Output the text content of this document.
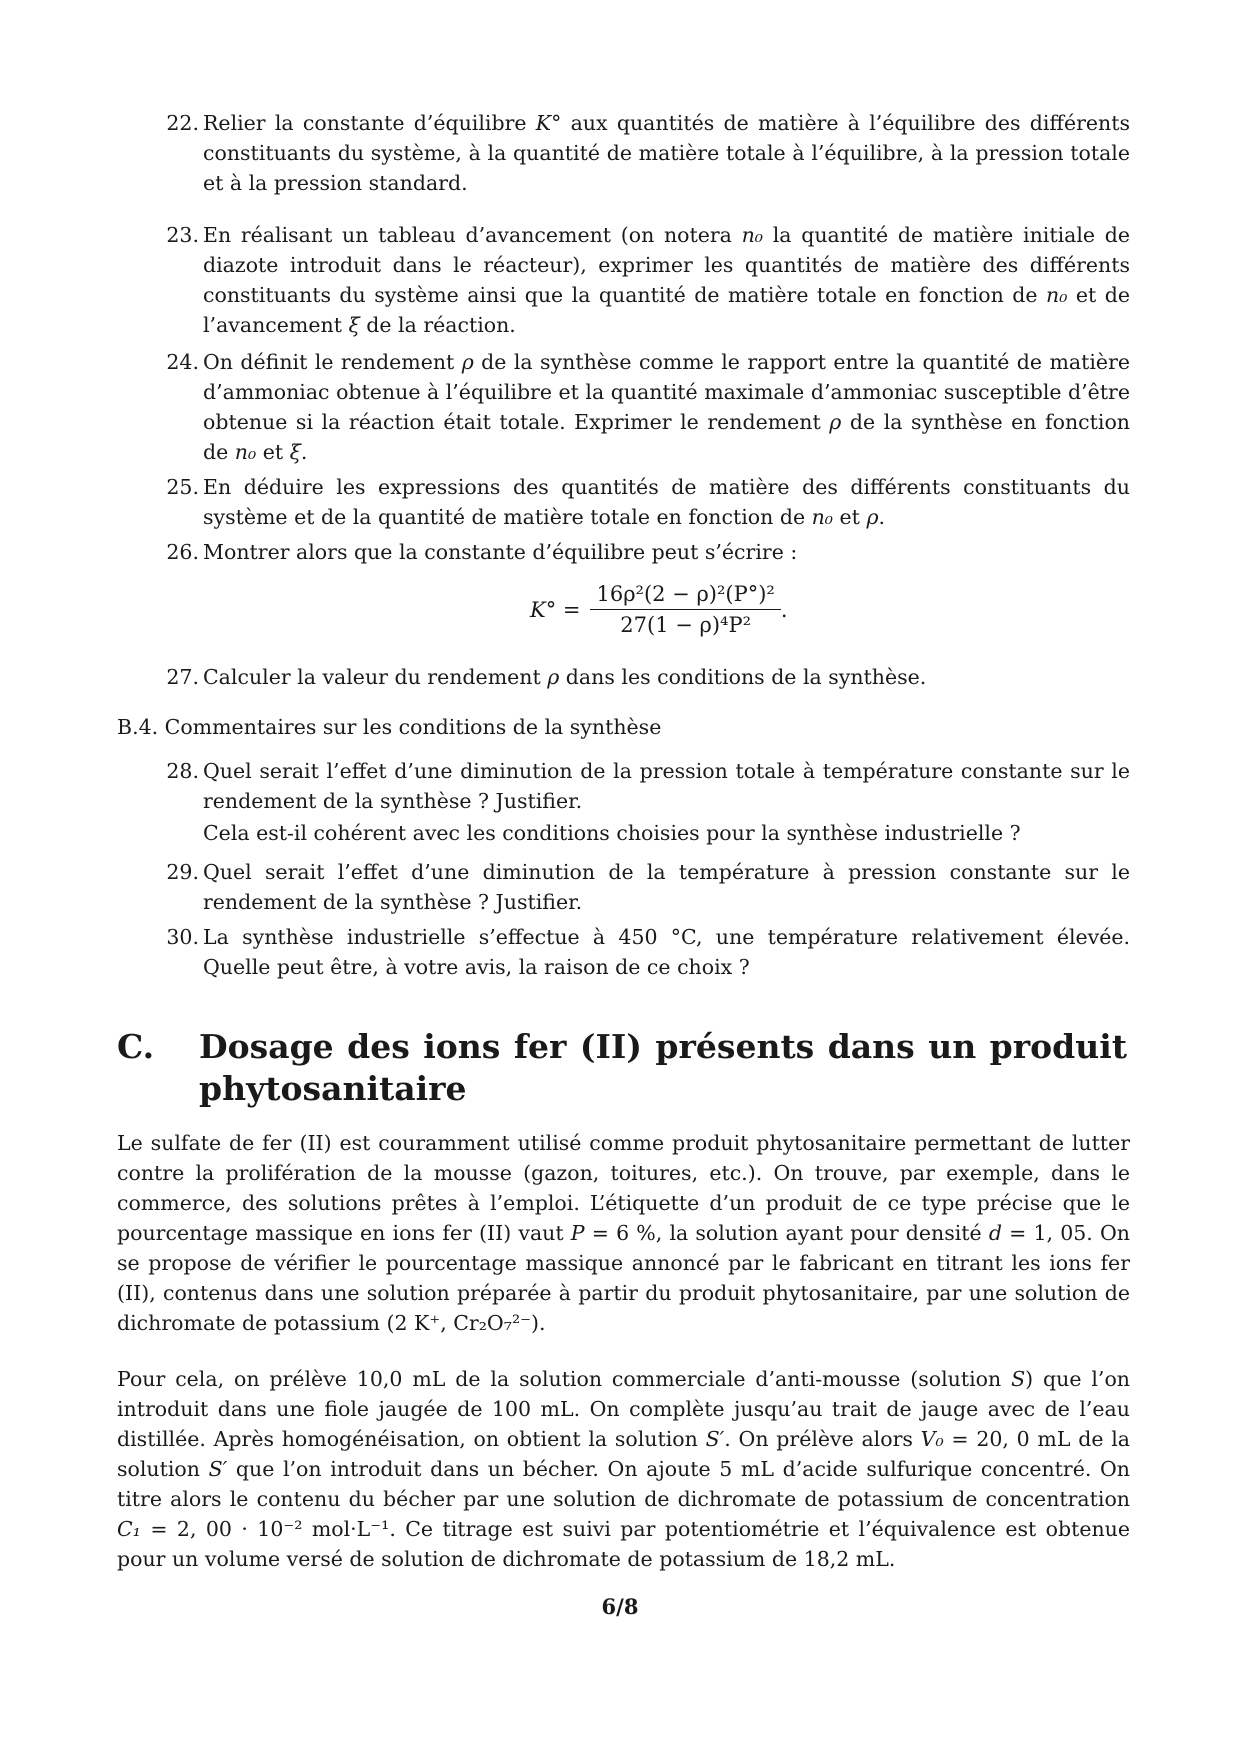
22. Relier la constante d’équilibre K° aux quantités de matière à l’équilibre des différents constituants du système, à la quantité de matière totale à l’équilibre, à la pression totale et à la pression standard.
23. En réalisant un tableau d’avancement (on notera n₀ la quantité de matière initiale de diazote introduit dans le réacteur), exprimer les quantités de matière des différents constituants du système ainsi que la quantité de matière totale en fonction de n₀ et de l’avancement ξ de la réaction.
24. On définit le rendement ρ de la synthèse comme le rapport entre la quantité de matière d’ammoniac obtenue à l’équilibre et la quantité maximale d’ammoniac susceptible d’être obtenue si la réaction était totale. Exprimer le rendement ρ de la synthèse en fonction de n₀ et ξ.
25. En déduire les expressions des quantités de matière des différents constituants du système et de la quantité de matière totale en fonction de n₀ et ρ.
26. Montrer alors que la constante d’équilibre peut s’écrire :
$K^\circ = \frac{\text{16ρ²(2 − ρ)²(P°)²}}{\text{27(1 − ρ)⁴P²}}$ .
27. Calculer la valeur du rendement ρ dans les conditions de la synthèse.
B.4. Commentaires sur les conditions de la synthèse
28. Quel serait l’effet d’une diminution de la pression totale à température constante sur le rendement de la synthèse ? Justifier.
Cela est-il cohérent avec les conditions choisies pour la synthèse industrielle ?
29. Quel serait l’effet d’une diminution de la température à pression constante sur le rendement de la synthèse ? Justifier.
30. La synthèse industrielle s’effectue à 450 °C, une température relativement élevée. Quelle peut être, à votre avis, la raison de ce choix ?
C. Dosage des ions fer (II) présents dans un produit phytosanitaire
Le sulfate de fer (II) est couramment utilisé comme produit phytosanitaire permettant de lutter contre la prolifération de la mousse (gazon, toitures, etc.). On trouve, par exemple, dans le commerce, des solutions prêtes à l’emploi. L’étiquette d’un produit de ce type précise que le pourcentage massique en ions fer (II) vaut P = 6 %, la solution ayant pour densité d = 1, 05. On se propose de vérifier le pourcentage massique annoncé par le fabricant en titrant les ions fer (II), contenus dans une solution préparée à partir du produit phytosanitaire, par une solution de dichromate de potassium (2 K⁺, Cr₂O₇²⁻).
Pour cela, on prélève 10,0 mL de la solution commerciale d’anti-mousse (solution S) que l’on introduit dans une fiole jaugée de 100 mL. On complète jusqu’au trait de jauge avec de l’eau distillée. Après homogénéisation, on obtient la solution S′. On prélève alors V₀ = 20, 0 mL de la solution S′ que l’on introduit dans un bécher. On ajoute 5 mL d’acide sulfurique concentré. On titre alors le contenu du bécher par une solution de dichromate de potassium de concentration C₁ = 2, 00 · 10⁻² mol·L⁻¹. Ce titrage est suivi par potentiométrie et l’équivalence est obtenue pour un volume versé de solution de dichromate de potassium de 18,2 mL.
6/8
